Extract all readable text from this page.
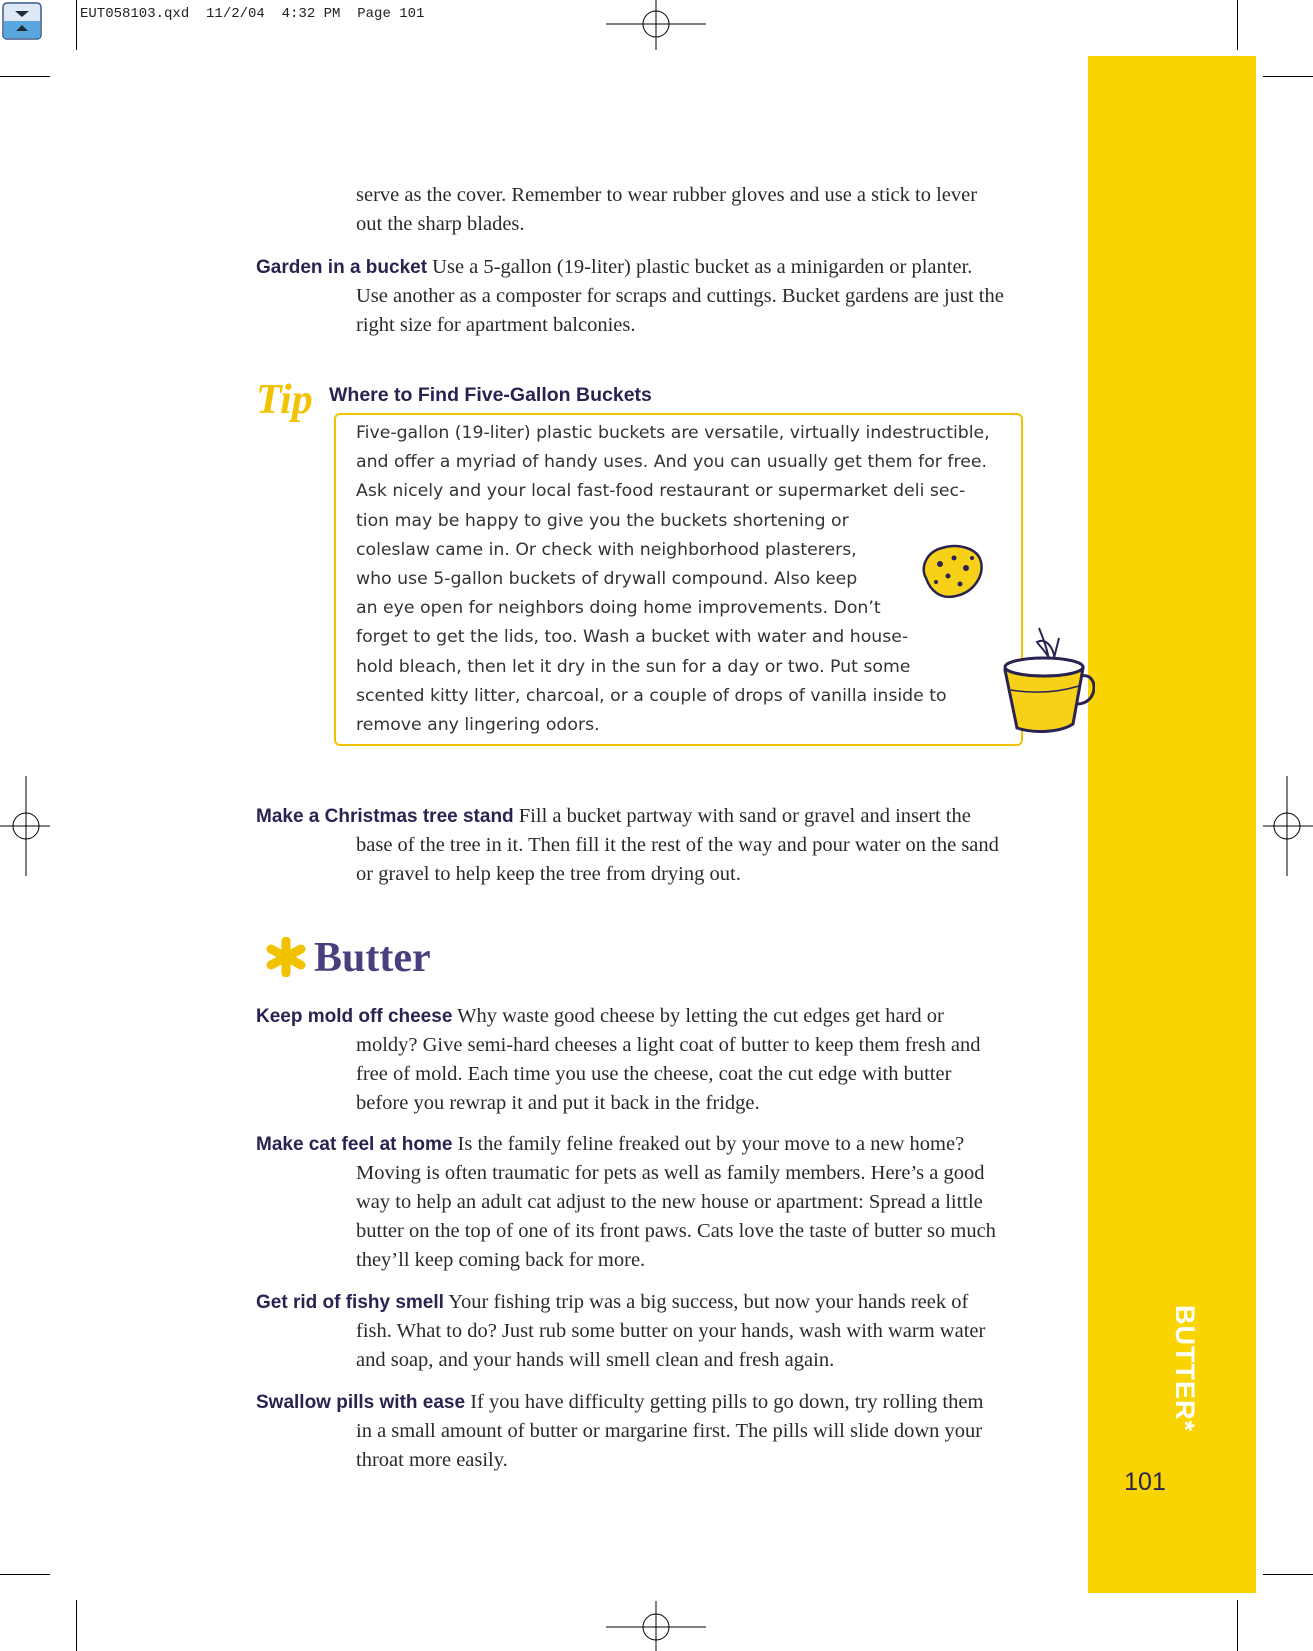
EUT058103.qxd  11/2/04  4:32 PM  Page 101
BUTTER*
101
serve as the cover. Remember to wear rubber gloves and use a stick to lever
out the sharp blades.
Garden in a bucket Use a 5-gallon (19-liter) plastic bucket as a minigarden or planter.
Use another as a composter for scraps and cuttings. Bucket gardens are just the
right size for apartment balconies.
Tip Where to Find Five-Gallon Buckets
Five-gallon (19-liter) plastic buckets are versatile, virtually indestructible,
and offer a myriad of handy uses. And you can usually get them for free.
Ask nicely and your local fast-food restaurant or supermarket deli sec-
tion may be happy to give you the buckets shortening or
coleslaw came in. Or check with neighborhood plasterers,
who use 5-gallon buckets of drywall compound. Also keep
an eye open for neighbors doing home improvements. Don’t
forget to get the lids, too. Wash a bucket with water and house-
hold bleach, then let it dry in the sun for a day or two. Put some
scented kitty litter, charcoal, or a couple of drops of vanilla inside to
remove any lingering odors.
Make a Christmas tree stand Fill a bucket partway with sand or gravel and insert the
base of the tree in it. Then fill it the rest of the way and pour water on the sand
or gravel to help keep the tree from drying out.
Butter
Keep mold off cheese Why waste good cheese by letting the cut edges get hard or
moldy? Give semi-hard cheeses a light coat of butter to keep them fresh and
free of mold. Each time you use the cheese, coat the cut edge with butter
before you rewrap it and put it back in the fridge.
Make cat feel at home Is the family feline freaked out by your move to a new home?
Moving is often traumatic for pets as well as family members. Here’s a good
way to help an adult cat adjust to the new house or apartment: Spread a little
butter on the top of one of its front paws. Cats love the taste of butter so much
they’ll keep coming back for more.
Get rid of fishy smell Your fishing trip was a big success, but now your hands reek of
fish. What to do? Just rub some butter on your hands, wash with warm water
and soap, and your hands will smell clean and fresh again.
Swallow pills with ease If you have difficulty getting pills to go down, try rolling them
in a small amount of butter or margarine first. The pills will slide down your
throat more easily.
